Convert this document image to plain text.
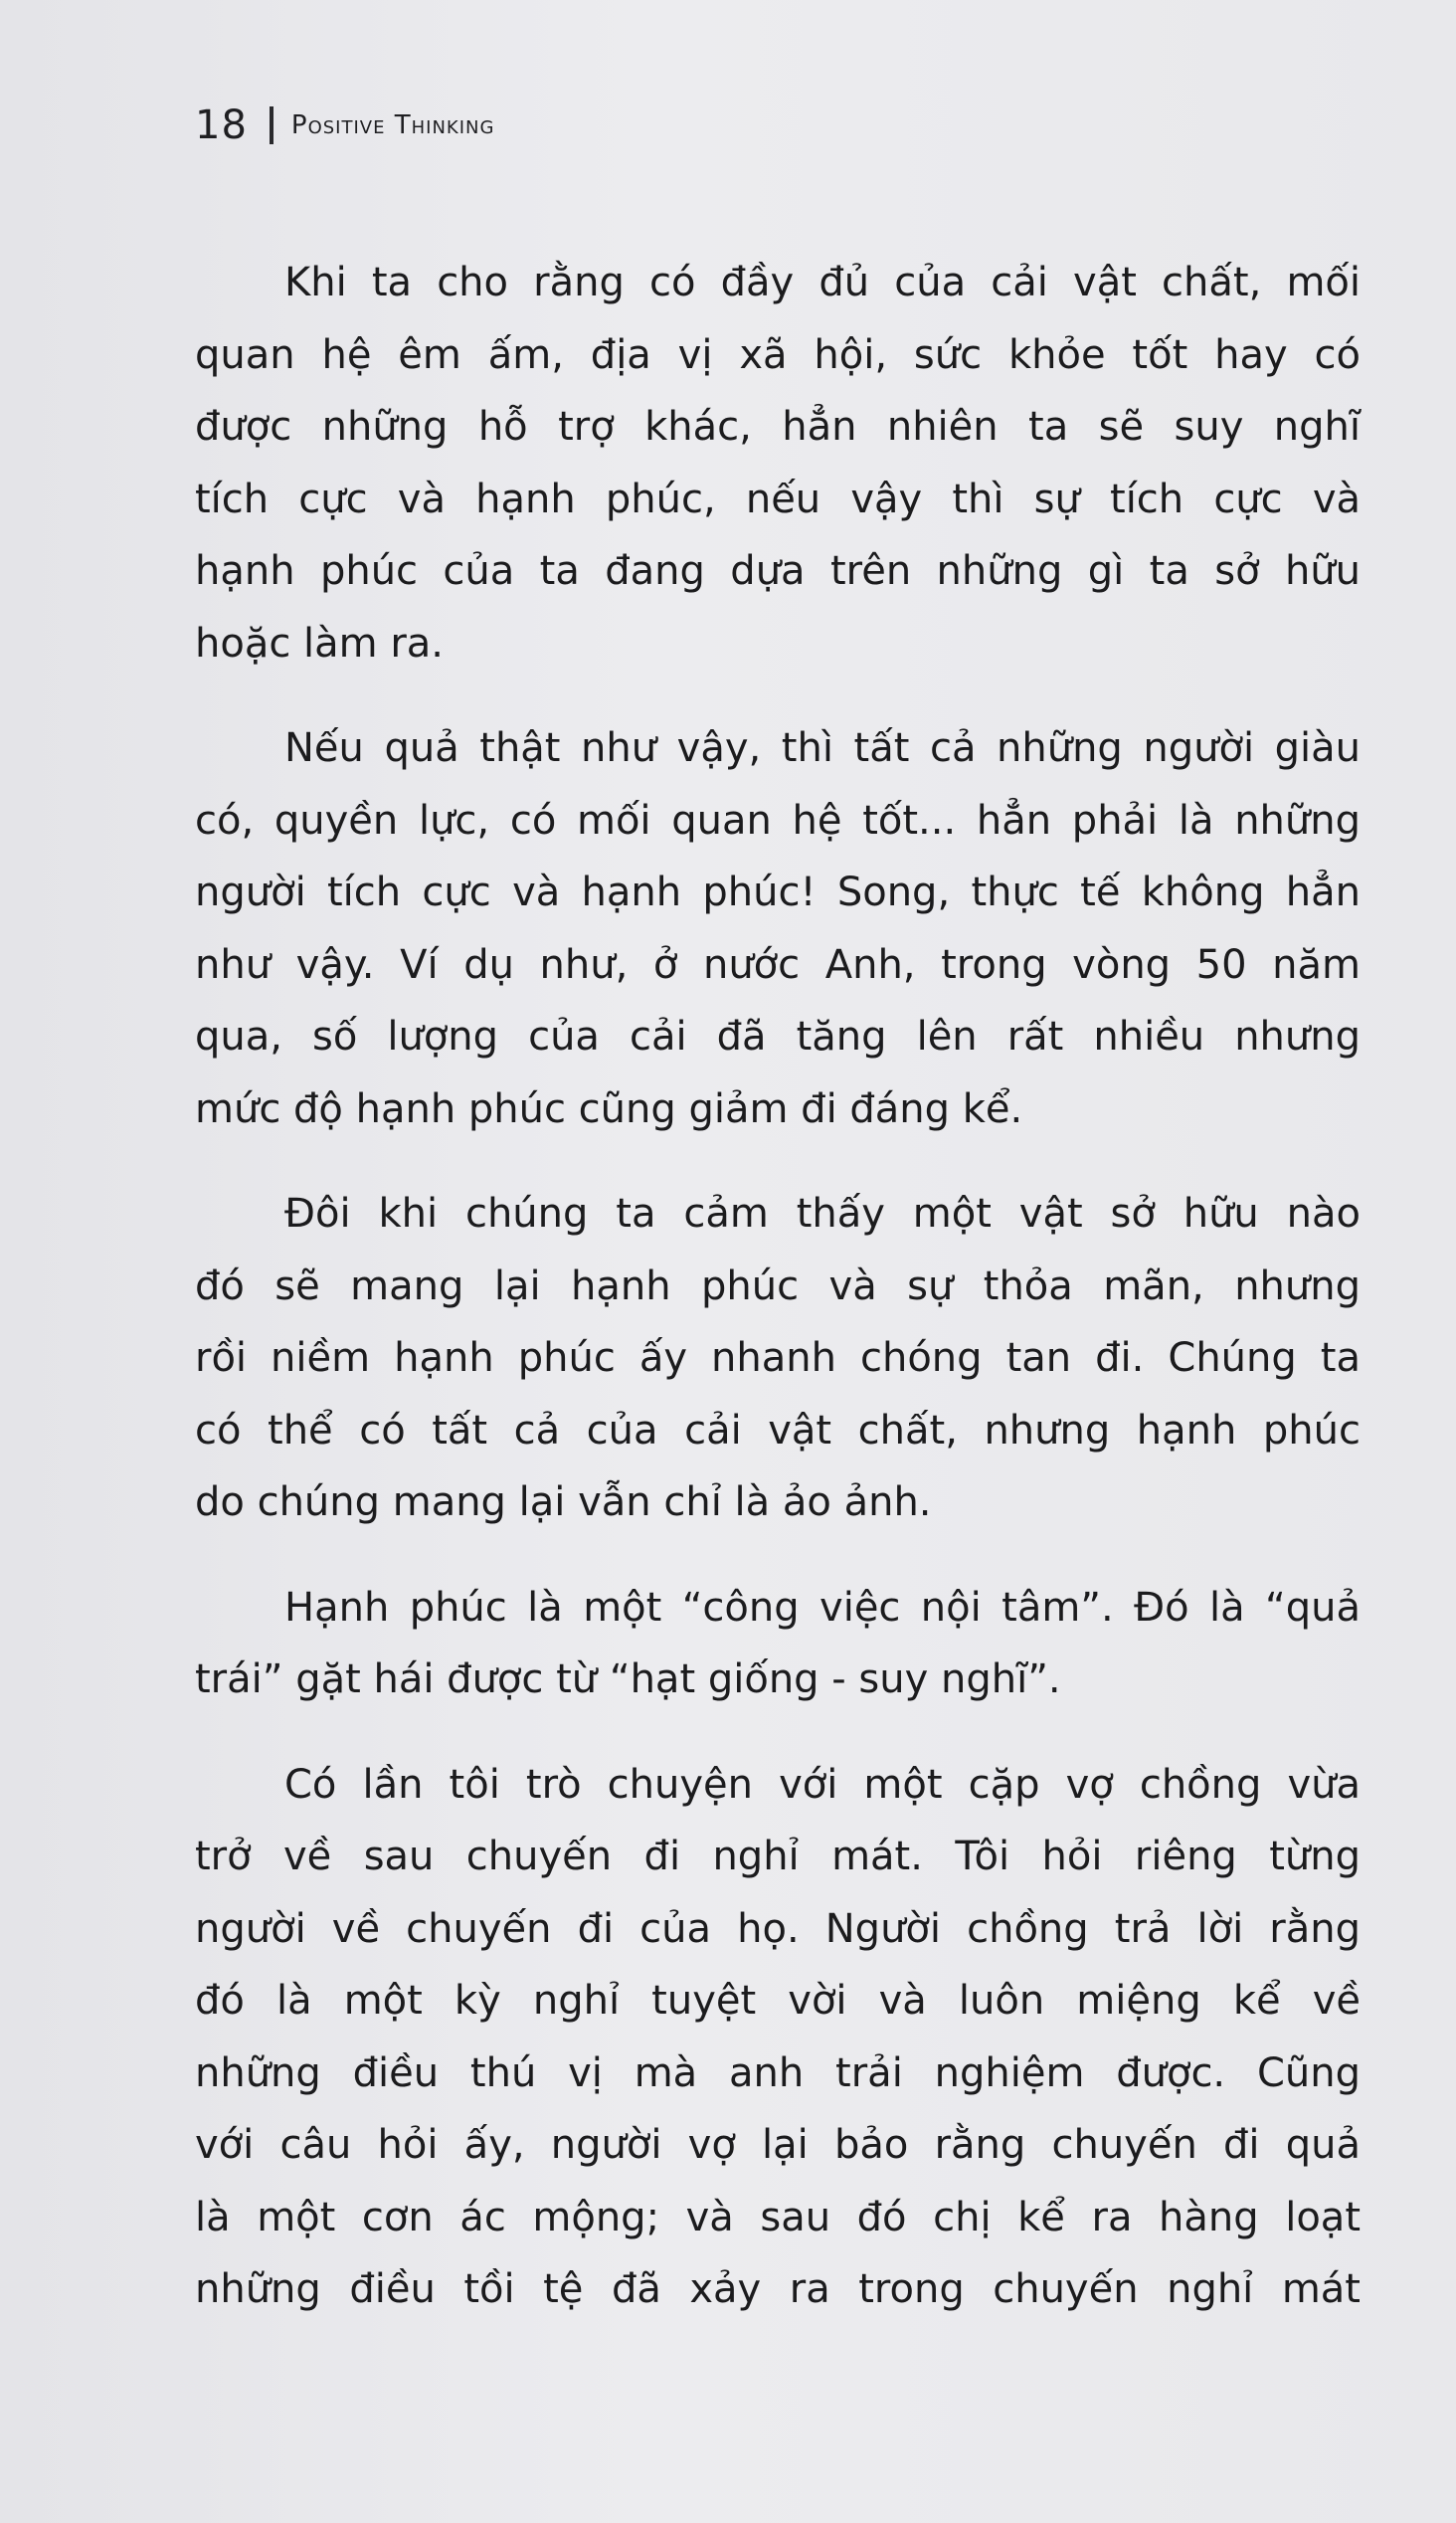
18 Positive Thinking

Khi ta cho rằng có đầy đủ của cải vật chất, mối
quan hệ êm ấm, địa vị xã hội, sức khỏe tốt hay có
được những hỗ trợ khác, hẳn nhiên ta sẽ suy nghĩ
tích cực và hạnh phúc, nếu vậy thì sự tích cực và
hạnh phúc của ta đang dựa trên những gì ta sở hữu
hoặc làm ra.

Nếu quả thật như vậy, thì tất cả những người giàu
có, quyền lực, có mối quan hệ tốt... hẳn phải là những
người tích cực và hạnh phúc! Song, thực tế không hẳn
như vậy. Ví dụ như, ở nước Anh, trong vòng 50 năm
qua, số lượng của cải đã tăng lên rất nhiều nhưng
mức độ hạnh phúc cũng giảm đi đáng kể.

Đôi khi chúng ta cảm thấy một vật sở hữu nào
đó sẽ mang lại hạnh phúc và sự thỏa mãn, nhưng
rồi niềm hạnh phúc ấy nhanh chóng tan đi. Chúng ta
có thể có tất cả của cải vật chất, nhưng hạnh phúc
do chúng mang lại vẫn chỉ là ảo ảnh.

Hạnh phúc là một “công việc nội tâm”. Đó là “quả
trái” gặt hái được từ “hạt giống - suy nghĩ”.

Có lần tôi trò chuyện với một cặp vợ chồng vừa
trở về sau chuyến đi nghỉ mát. Tôi hỏi riêng từng
người về chuyến đi của họ. Người chồng trả lời rằng
đó là một kỳ nghỉ tuyệt vời và luôn miệng kể về
những điều thú vị mà anh trải nghiệm được. Cũng
với câu hỏi ấy, người vợ lại bảo rằng chuyến đi quả
là một cơn ác mộng; và sau đó chị kể ra hàng loạt
những điều tồi tệ đã xảy ra trong chuyến nghỉ mát
